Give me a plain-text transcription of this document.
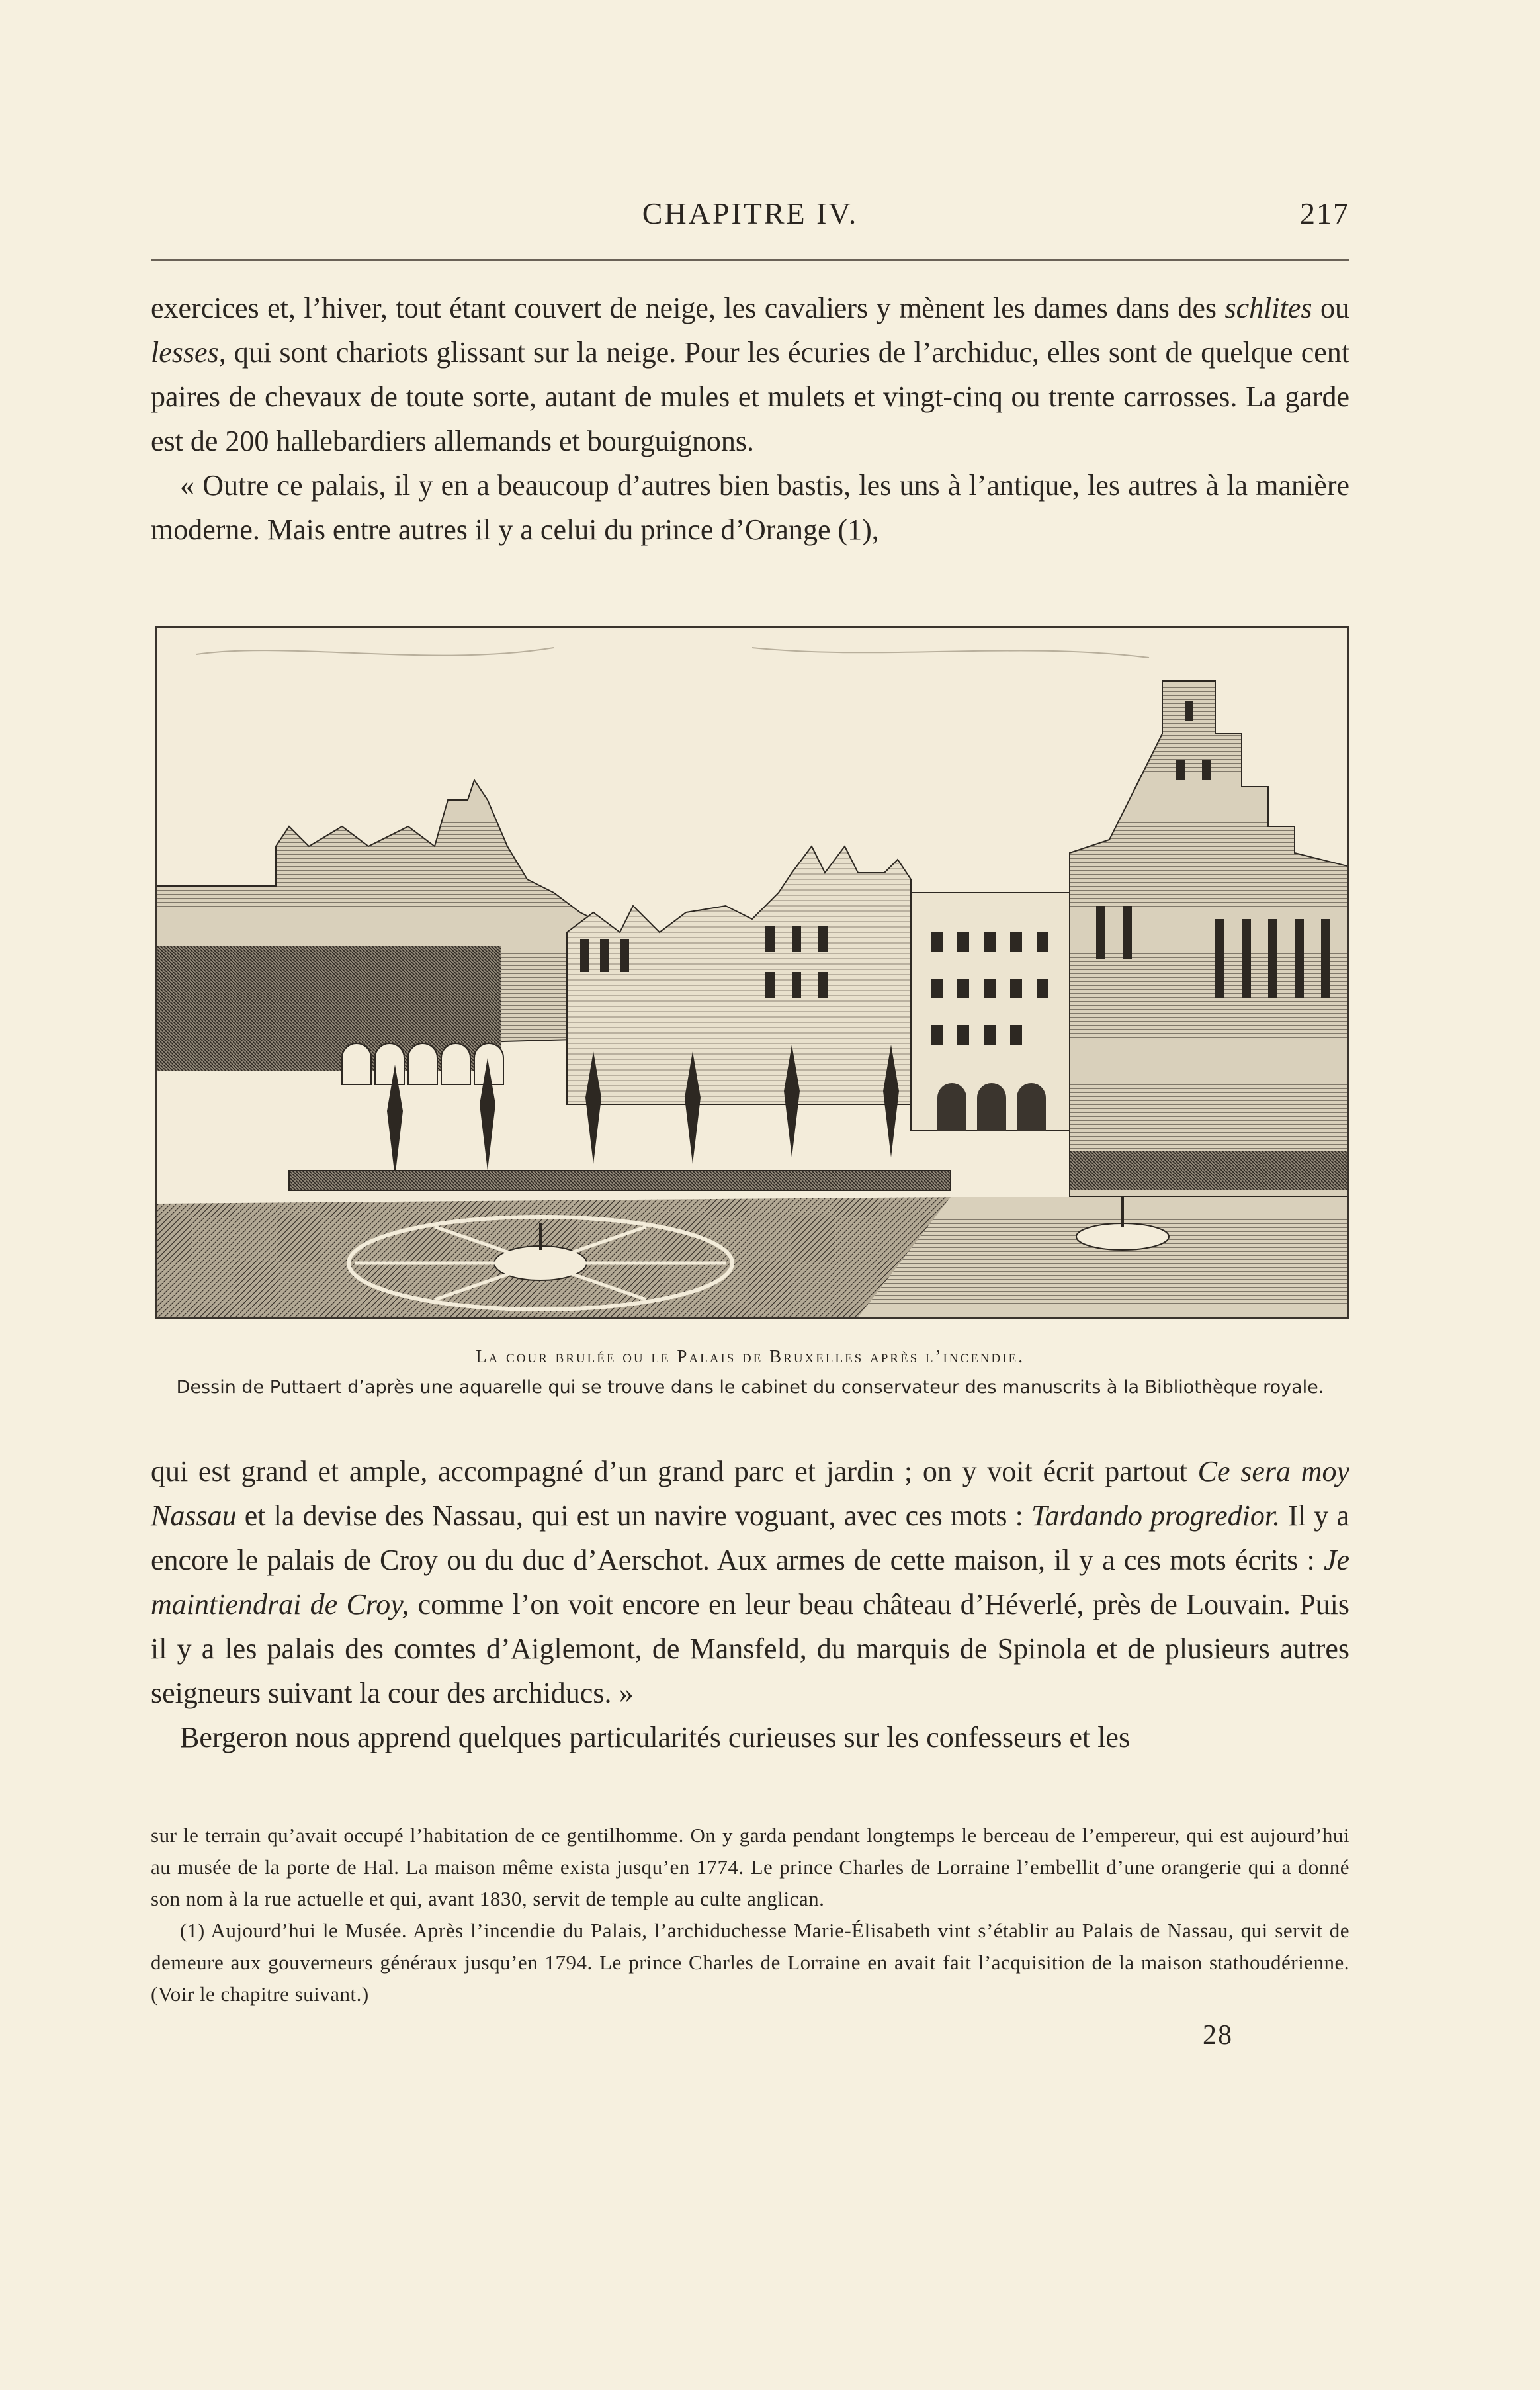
CHAPITRE IV.	217

exercices et, l’hiver, tout étant couvert de neige, les cavaliers y mènent les dames dans des schlites ou lesses, qui sont chariots glissant sur la neige. Pour les écuries de l’archiduc, elles sont de quelque cent paires de chevaux de toute sorte, autant de mules et mulets et vingt-cinq ou trente carrosses. La garde est de 200 hallebardiers allemands et bourguignons.

« Outre ce palais, il y en a beaucoup d’autres bien bastis, les uns à l’antique, les autres à la manière moderne. Mais entre autres il y a celui du prince d’Orange (1),

La cour brulée ou le Palais de Bruxelles après l’incendie.
Dessin de Puttaert d’après une aquarelle qui se trouve dans le cabinet du conservateur des manuscrits à la Bibliothèque royale.

qui est grand et ample, accompagné d’un grand parc et jardin ; on y voit écrit partout Ce sera moy Nassau et la devise des Nassau, qui est un navire voguant, avec ces mots : Tardando progredior. Il y a encore le palais de Croy ou du duc d’Aerschot. Aux armes de cette maison, il y a ces mots écrits : Je maintiendrai de Croy, comme l’on voit encore en leur beau château d’Héverlé, près de Louvain. Puis il y a les palais des comtes d’Aiglemont, de Mansfeld, du marquis de Spinola et de plusieurs autres seigneurs suivant la cour des archiducs. »

Bergeron nous apprend quelques particularités curieuses sur les confesseurs et les

sur le terrain qu’avait occupé l’habitation de ce gentilhomme. On y garda pendant longtemps le berceau de l’empereur, qui est aujourd’hui au musée de la porte de Hal. La maison même exista jusqu’en 1774. Le prince Charles de Lorraine l’embellit d’une orangerie qui a donné son nom à la rue actuelle et qui, avant 1830, servit de temple au culte anglican.

(1) Aujourd’hui le Musée. Après l’incendie du Palais, l’archiduchesse Marie-Élisabeth vint s’établir au Palais de Nassau, qui servit de demeure aux gouverneurs généraux jusqu’en 1794. Le prince Charles de Lorraine en avait fait l’acquisition de la maison stathoudérienne. (Voir le chapitre suivant.)

28
